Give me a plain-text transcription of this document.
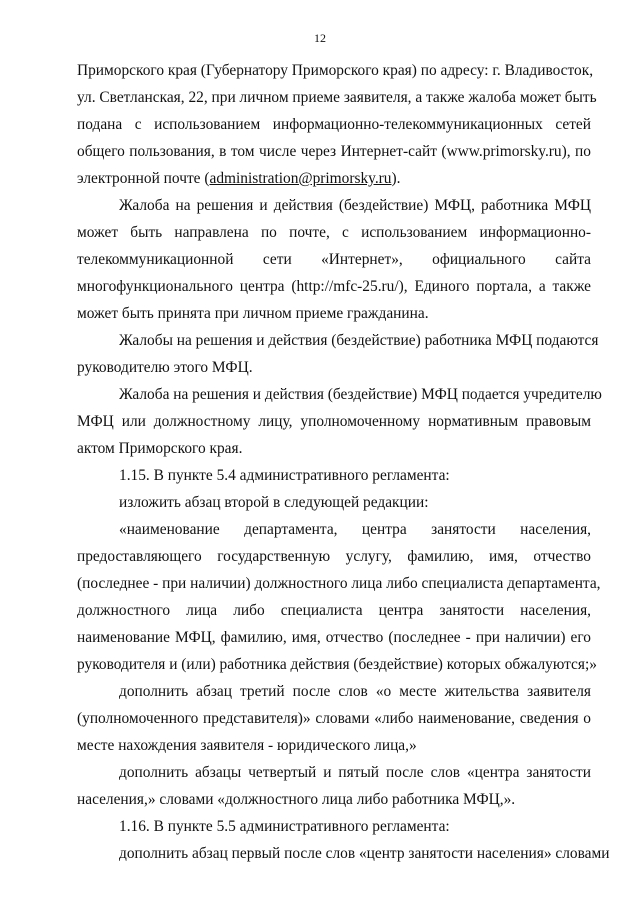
12
Приморского края (Губернатору Приморского края) по адресу: г. Владивосток,
ул. Светланская, 22, при личном приеме заявителя, а также жалоба может быть
подана с использованием информационно-телекоммуникационных сетей
общего пользования, в том числе через Интернет-сайт (www.primorsky.ru), по
электронной почте (administration@primorsky.ru).
Жалоба на решения и действия (бездействие) МФЦ, работника МФЦ
может быть направлена по почте, с использованием информационно-
телекоммуникационной сети «Интернет», официального сайта
многофункционального центра (http://mfc-25.ru/), Единого портала, а также
может быть принята при личном приеме гражданина.
Жалобы на решения и действия (бездействие) работника МФЦ подаются
руководителю этого МФЦ.
Жалоба на решения и действия (бездействие) МФЦ подается учредителю
МФЦ или должностному лицу, уполномоченному нормативным правовым
актом Приморского края.
1.15. В пункте 5.4 административного регламента:
изложить абзац второй в следующей редакции:
«наименование департамента, центра занятости населения,
предоставляющего государственную услугу, фамилию, имя, отчество
(последнее - при наличии) должностного лица либо специалиста департамента,
должностного лица либо специалиста центра занятости населения,
наименование МФЦ, фамилию, имя, отчество (последнее - при наличии) его
руководителя и (или) работника действия (бездействие) которых обжалуются;»
дополнить абзац третий после слов «о месте жительства заявителя
(уполномоченного представителя)» словами «либо наименование, сведения о
месте нахождения заявителя - юридического лица,»
дополнить абзацы четвертый и пятый после слов «центра занятости
населения,» словами «должностного лица либо работника МФЦ,».
1.16. В пункте 5.5 административного регламента:
дополнить абзац первый после слов «центр занятости населения» словами
